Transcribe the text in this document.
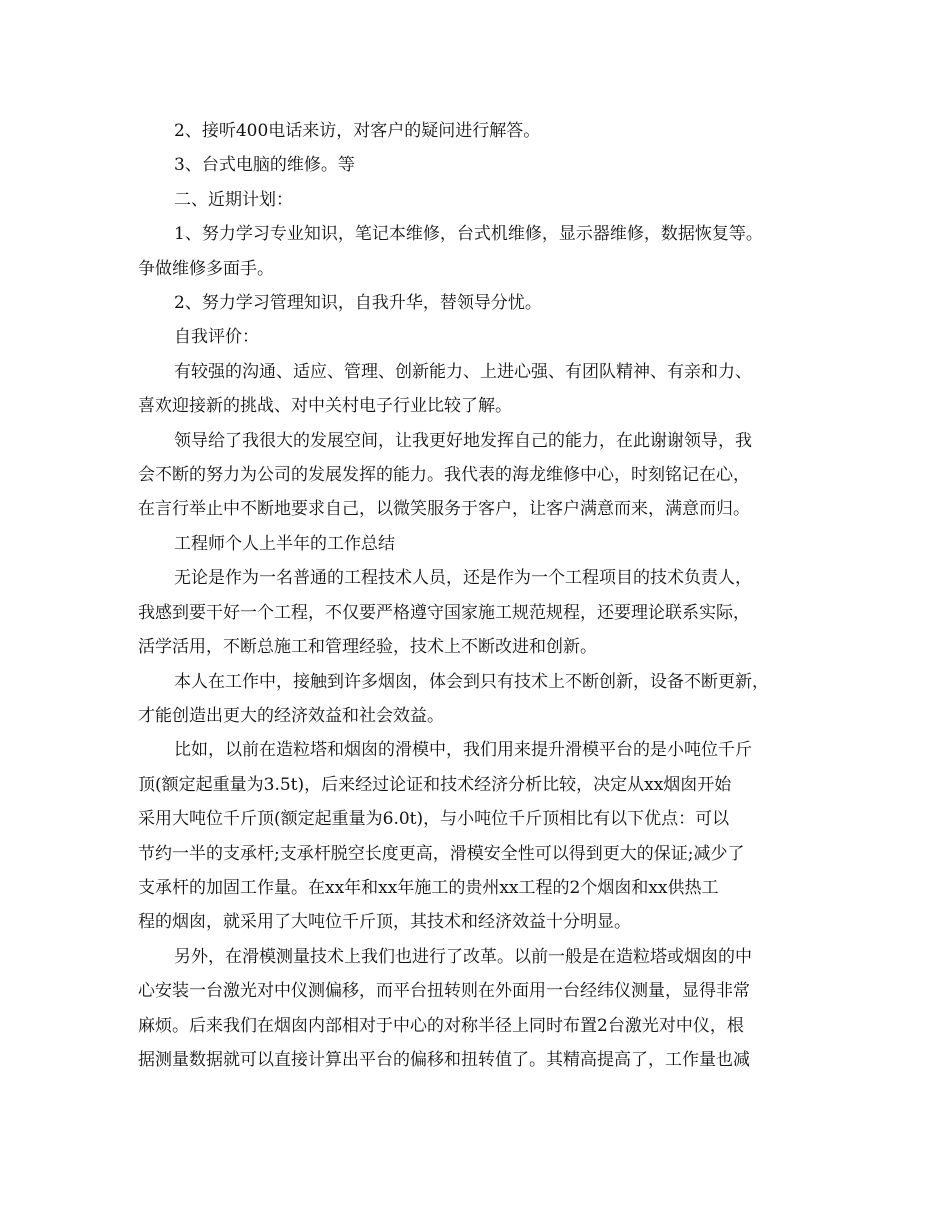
2、接听400电话来访，对客户的疑问进行解答。
3、台式电脑的维修。等
二、近期计划：
1、努力学习专业知识，笔记本维修，台式机维修，显示器维修，数据恢复等。
争做维修多面手。
2、努力学习管理知识，自我升华，替领导分忧。
自我评价：
有较强的沟通、适应、管理、创新能力、上进心强、有团队精神、有亲和力、
喜欢迎接新的挑战、对中关村电子行业比较了解。
领导给了我很大的发展空间，让我更好地发挥自己的能力，在此谢谢领导，我
会不断的努力为公司的发展发挥的能力。我代表的海龙维修中心，时刻铭记在心，
在言行举止中不断地要求自己，以微笑服务于客户，让客户满意而来，满意而归。
工程师个人上半年的工作总结
无论是作为一名普通的工程技术人员，还是作为一个工程项目的技术负责人，
我感到要干好一个工程，不仅要严格遵守国家施工规范规程，还要理论联系实际，
活学活用，不断总施工和管理经验，技术上不断改进和创新。
本人在工作中，接触到许多烟囱，体会到只有技术上不断创新，设备不断更新，
才能创造出更大的经济效益和社会效益。
比如，以前在造粒塔和烟囱的滑模中，我们用来提升滑模平台的是小吨位千斤
顶(额定起重量为3.5t)，后来经过论证和技术经济分析比较，决定从xx烟囱开始
采用大吨位千斤顶(额定起重量为6.0t)，与小吨位千斤顶相比有以下优点：可以
节约一半的支承杆;支承杆脱空长度更高，滑模安全性可以得到更大的保证;减少了
支承杆的加固工作量。在xx年和xx年施工的贵州xx工程的2个烟囱和xx供热工
程的烟囱，就采用了大吨位千斤顶，其技术和经济效益十分明显。
另外，在滑模测量技术上我们也进行了改革。以前一般是在造粒塔或烟囱的中
心安装一台激光对中仪测偏移，而平台扭转则在外面用一台经纬仪测量，显得非常
麻烦。后来我们在烟囱内部相对于中心的对称半径上同时布置2台激光对中仪，根
据测量数据就可以直接计算出平台的偏移和扭转值了。其精高提高了，工作量也减
